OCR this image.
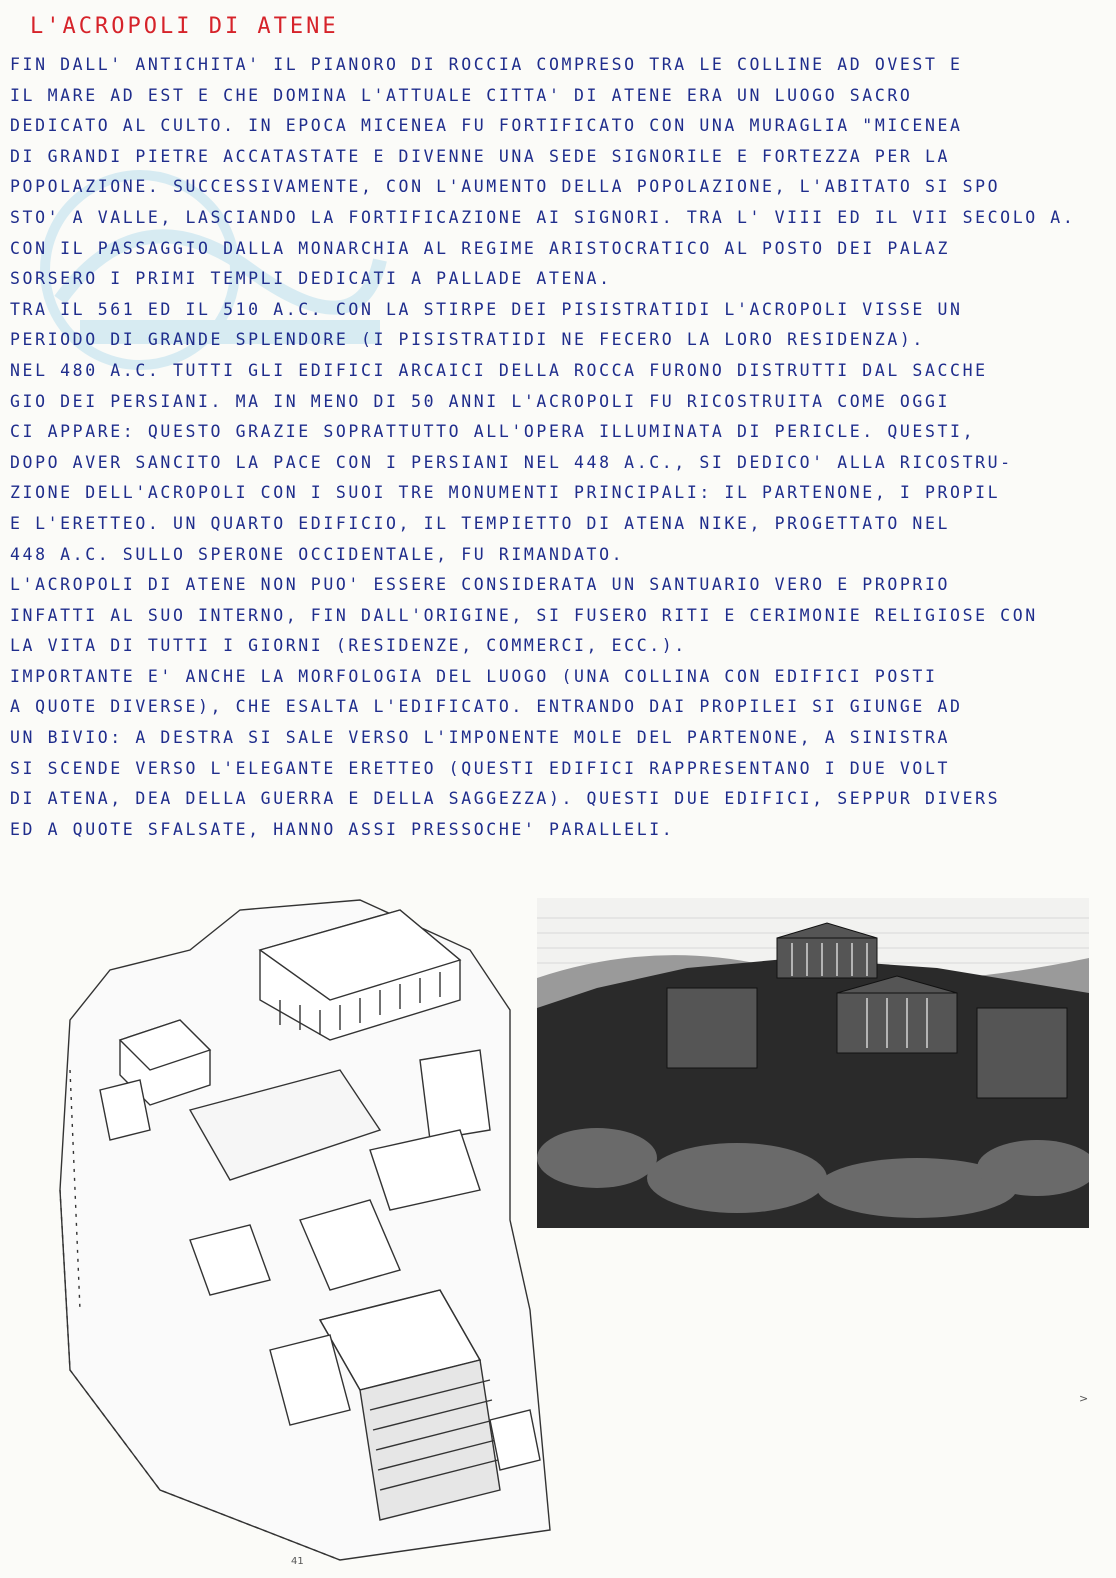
L'ACROPOLI DI ATENE
FIN DALL' ANTICHITA' IL PIANORO DI ROCCIA COMPRESO TRA LE COLLINE AD OVEST E
IL MARE AD EST E CHE DOMINA L'ATTUALE CITTA' DI ATENE ERA UN LUOGO SACRO
DEDICATO AL CULTO. IN EPOCA MICENEA FU FORTIFICATO CON UNA MURAGLIA "MICENEA
DI GRANDI PIETRE ACCATASTATE E DIVENNE UNA SEDE SIGNORILE E FORTEZZA PER LA
POPOLAZIONE. SUCCESSIVAMENTE, CON L'AUMENTO DELLA POPOLAZIONE, L'ABITATO SI SPO
STO' A VALLE, LASCIANDO LA FORTIFICAZIONE AI SIGNORI. TRA L' VIII ED IL VII SECOLO A.
CON IL PASSAGGIO DALLA MONARCHIA AL REGIME ARISTOCRATICO AL POSTO DEI PALAZ
SORSERO I PRIMI TEMPLI DEDICATI A PALLADE ATENA.
TRA IL 561 ED IL 510 A.C. CON LA STIRPE DEI PISISTRATIDI L'ACROPOLI VISSE UN
PERIODO DI GRANDE SPLENDORE (I PISISTRATIDI NE FECERO LA LORO RESIDENZA).
NEL 480 A.C. TUTTI GLI EDIFICI ARCAICI DELLA ROCCA FURONO DISTRUTTI DAL SACCHE
GIO DEI PERSIANI. MA IN MENO DI 50 ANNI L'ACROPOLI FU RICOSTRUITA COME OGGI
CI APPARE: QUESTO GRAZIE SOPRATTUTTO ALL'OPERA ILLUMINATA DI PERICLE. QUESTI,
DOPO AVER SANCITO LA PACE CON I PERSIANI NEL 448 A.C., SI DEDICO' ALLA RICOSTRU-
ZIONE DELL'ACROPOLI CON I SUOI TRE MONUMENTI PRINCIPALI: IL PARTENONE, I PROPIL
E L'ERETTEO. UN QUARTO EDIFICIO, IL TEMPIETTO DI ATENA NIKE, PROGETTATO NEL
448 A.C. SULLO SPERONE OCCIDENTALE, FU RIMANDATO.
L'ACROPOLI DI ATENE NON PUO' ESSERE CONSIDERATA UN SANTUARIO VERO E PROPRIO
INFATTI AL SUO INTERNO, FIN DALL'ORIGINE, SI FUSERO RITI E CERIMONIE RELIGIOSE CON
LA VITA DI TUTTI I GIORNI (RESIDENZE, COMMERCI, ECC.).
IMPORTANTE E' ANCHE LA MORFOLOGIA DEL LUOGO (UNA COLLINA CON EDIFICI POSTI
A QUOTE DIVERSE), CHE ESALTA L'EDIFICATO. ENTRANDO DAI PROPILEI SI GIUNGE AD
UN BIVIO: A DESTRA SI SALE VERSO L'IMPONENTE MOLE DEL PARTENONE, A SINISTRA
SI SCENDE VERSO L'ELEGANTE ERETTEO (QUESTI EDIFICI RAPPRESENTANO I DUE VOLT
DI ATENA, DEA DELLA GUERRA E DELLA SAGGEZZA). QUESTI DUE EDIFICI, SEPPUR DIVERS
ED A QUOTE SFALSATE, HANNO ASSI PRESSOCHE' PARALLELI.
>
41
